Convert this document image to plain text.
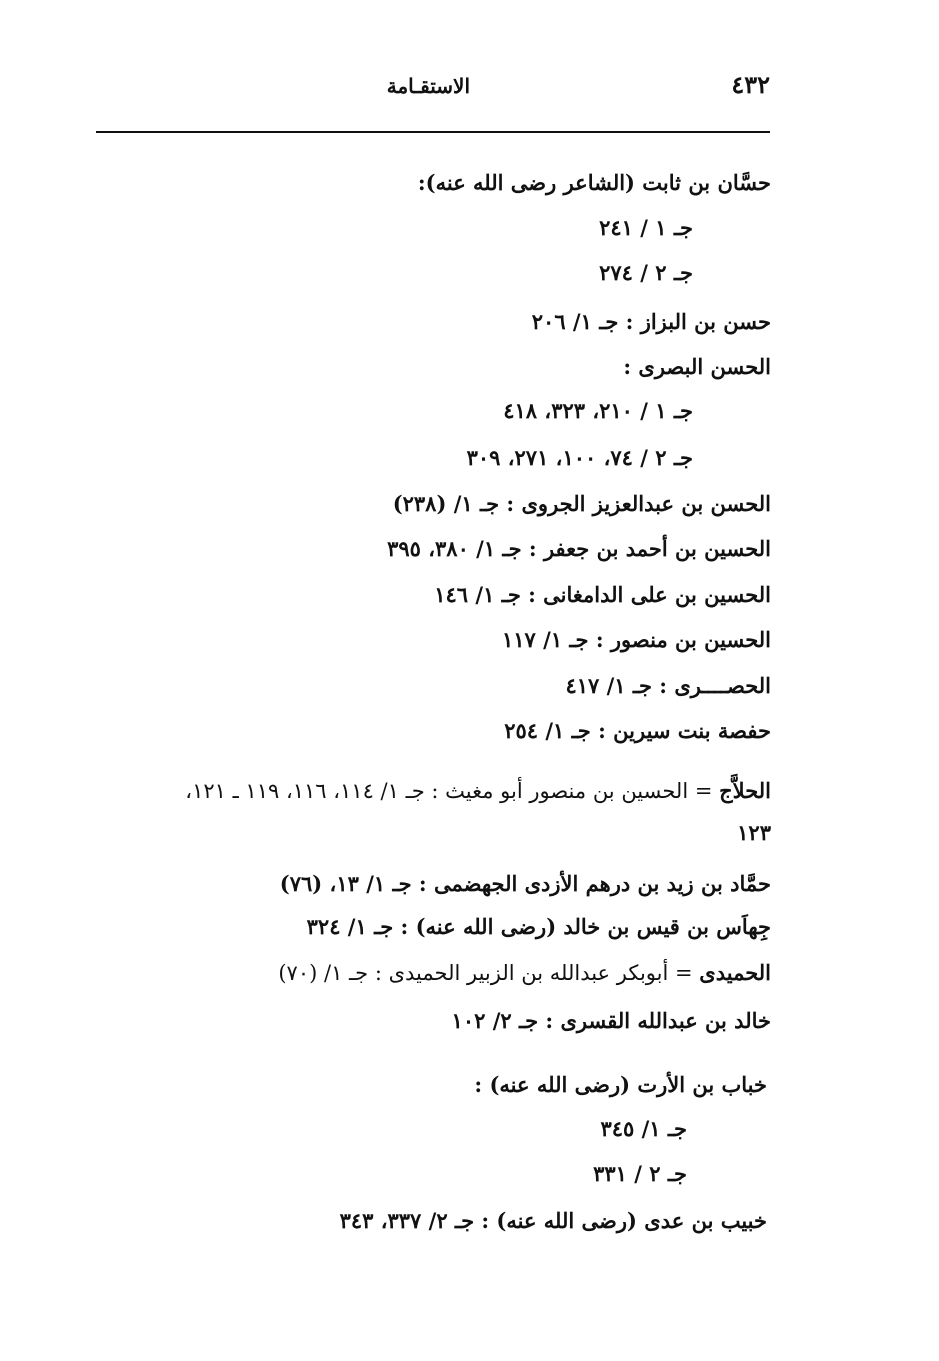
٤٣٢
الاستقـامة
حسَّان بن ثابت (الشاعر رضى الله عنه):
جـ ١ / ٢٤١
جـ ٢ / ٢٧٤
حسن بن البزاز : جـ ١/ ٢٠٦
الحسن البصرى :
جـ ١ / ٢١٠، ٣٢٣، ٤١٨
جـ ٢ / ٧٤، ١٠٠، ٢٧١، ٣٠٩
الحسن بن عبدالعزيز الجروى : جـ ١/ (٢٣٨)
الحسين بن أحمد بن جعفر : جـ ١/ ٣٨٠، ٣٩٥
الحسين بن على الدامغانى : جـ ١/ ١٤٦
الحسين بن منصور : جـ ١/ ١١٧
الحصــــرى : جـ ١/ ٤١٧
حفصة بنت سيرين : جـ ١/ ٢٥٤
الحلاَّج = الحسين بن منصور أبو مغيث : جـ ١/ ١١٤، ١١٦، ١١٩ ـ ١٢١،
١٢٣
حمَّاد بن زيد بن درهم الأزدى الجهضمى : جـ ١/ ١٣، (٧٦)
جِهاَس بن قيس بن خالد (رضى الله عنه) : جـ ١/ ٣٢٤
الحميدى = أبوبكر عبدالله بن الزبير الحميدى : جـ ١/ (٧٠)
خالد بن عبدالله القسرى : جـ ٢/ ١٠٢
خباب بن الأرت (رضى الله عنه) :
جـ ١/ ٣٤٥
جـ ٢ / ٣٣١
خبيب بن عدى (رضى الله عنه) : جـ ٢/ ٣٣٧، ٣٤٣
